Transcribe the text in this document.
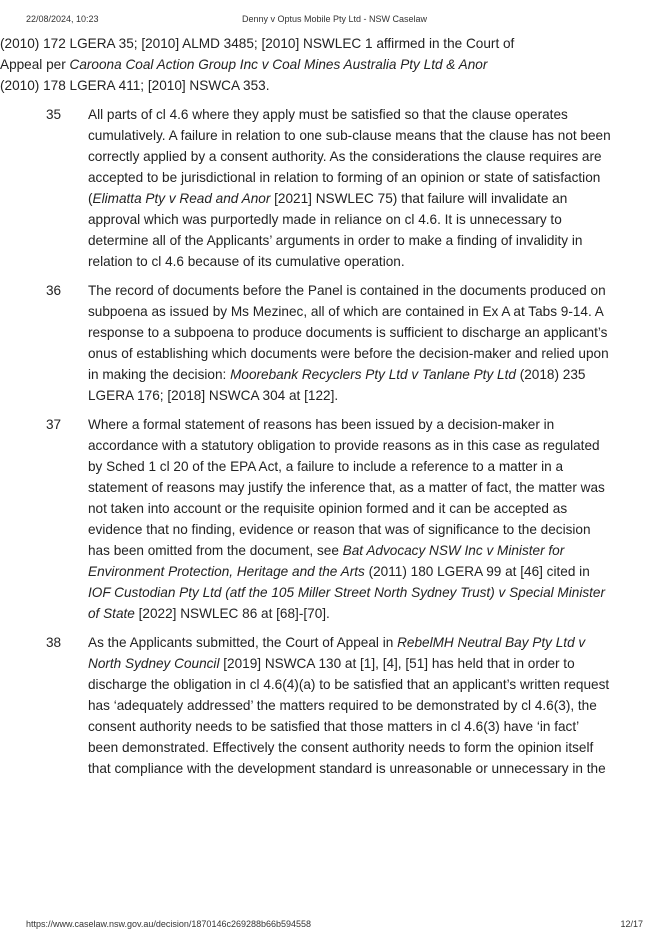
22/08/2024, 10:23	Denny v Optus Mobile Pty Ltd - NSW Caselaw

(2010) 172 LGERA 35; [2010] ALMD 3485; [2010] NSWLEC 1 affirmed in the Court of Appeal per Caroona Coal Action Group Inc v Coal Mines Australia Pty Ltd & Anor (2010) 178 LGERA 411; [2010] NSWCA 353.

35 All parts of cl 4.6 where they apply must be satisfied so that the clause operates cumulatively. A failure in relation to one sub-clause means that the clause has not been correctly applied by a consent authority. As the considerations the clause requires are accepted to be jurisdictional in relation to forming of an opinion or state of satisfaction (Elimatta Pty v Read and Anor [2021] NSWLEC 75) that failure will invalidate an approval which was purportedly made in reliance on cl 4.6. It is unnecessary to determine all of the Applicants’ arguments in order to make a finding of invalidity in relation to cl 4.6 because of its cumulative operation.

36 The record of documents before the Panel is contained in the documents produced on subpoena as issued by Ms Mezinec, all of which are contained in Ex A at Tabs 9-14. A response to a subpoena to produce documents is sufficient to discharge an applicant’s onus of establishing which documents were before the decision-maker and relied upon in making the decision: Moorebank Recyclers Pty Ltd v Tanlane Pty Ltd (2018) 235 LGERA 176; [2018] NSWCA 304 at [122].

37 Where a formal statement of reasons has been issued by a decision-maker in accordance with a statutory obligation to provide reasons as in this case as regulated by Sched 1 cl 20 of the EPA Act, a failure to include a reference to a matter in a statement of reasons may justify the inference that, as a matter of fact, the matter was not taken into account or the requisite opinion formed and it can be accepted as evidence that no finding, evidence or reason that was of significance to the decision has been omitted from the document, see Bat Advocacy NSW Inc v Minister for Environment Protection, Heritage and the Arts (2011) 180 LGERA 99 at [46] cited in IOF Custodian Pty Ltd (atf the 105 Miller Street North Sydney Trust) v Special Minister of State [2022] NSWLEC 86 at [68]-[70].

38 As the Applicants submitted, the Court of Appeal in RebelMH Neutral Bay Pty Ltd v North Sydney Council [2019] NSWCA 130 at [1], [4], [51] has held that in order to discharge the obligation in cl 4.6(4)(a) to be satisfied that an applicant’s written request has ‘adequately addressed’ the matters required to be demonstrated by cl 4.6(3), the consent authority needs to be satisfied that those matters in cl 4.6(3) have ‘in fact’ been demonstrated. Effectively the consent authority needs to form the opinion itself that compliance with the development standard is unreasonable or unnecessary in the

https://www.caselaw.nsw.gov.au/decision/1870146c269288b66b594558	12/17
